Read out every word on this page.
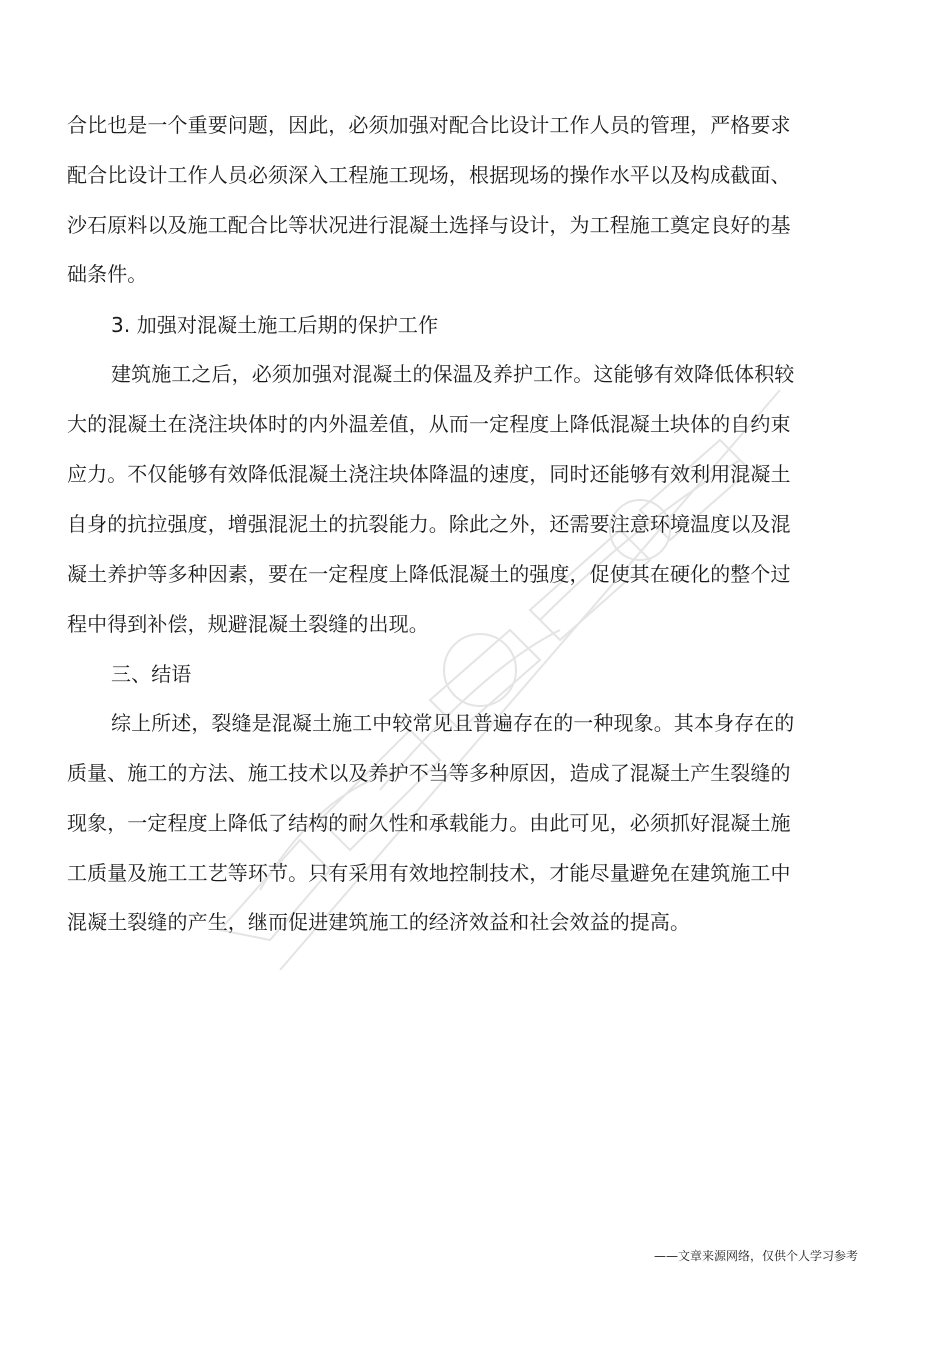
合比也是一个重要问题，因此，必须加强对配合比设计工作人员的管理，严格要求
配合比设计工作人员必须深入工程施工现场，根据现场的操作水平以及构成截面、
沙石原料以及施工配合比等状况进行混凝土选择与设计，为工程施工奠定良好的基
础条件。
3. 加强对混凝土施工后期的保护工作
建筑施工之后，必须加强对混凝土的保温及养护工作。这能够有效降低体积较
大的混凝土在浇注块体时的内外温差值，从而一定程度上降低混凝土块体的自约束
应力。不仅能够有效降低混凝土浇注块体降温的速度，同时还能够有效利用混凝土
自身的抗拉强度，增强混泥土的抗裂能力。除此之外，还需要注意环境温度以及混
凝土养护等多种因素，要在一定程度上降低混凝土的强度，促使其在硬化的整个过
程中得到补偿，规避混凝土裂缝的出现。
三、结语
综上所述，裂缝是混凝土施工中较常见且普遍存在的一种现象。其本身存在的
质量、施工的方法、施工技术以及养护不当等多种原因，造成了混凝土产生裂缝的
现象，一定程度上降低了结构的耐久性和承载能力。由此可见，必须抓好混凝土施
工质量及施工工艺等环节。只有采用有效地控制技术，才能尽量避免在建筑施工中
混凝土裂缝的产生，继而促进建筑施工的经济效益和社会效益的提高。
——文章来源网络，仅供个人学习参考
